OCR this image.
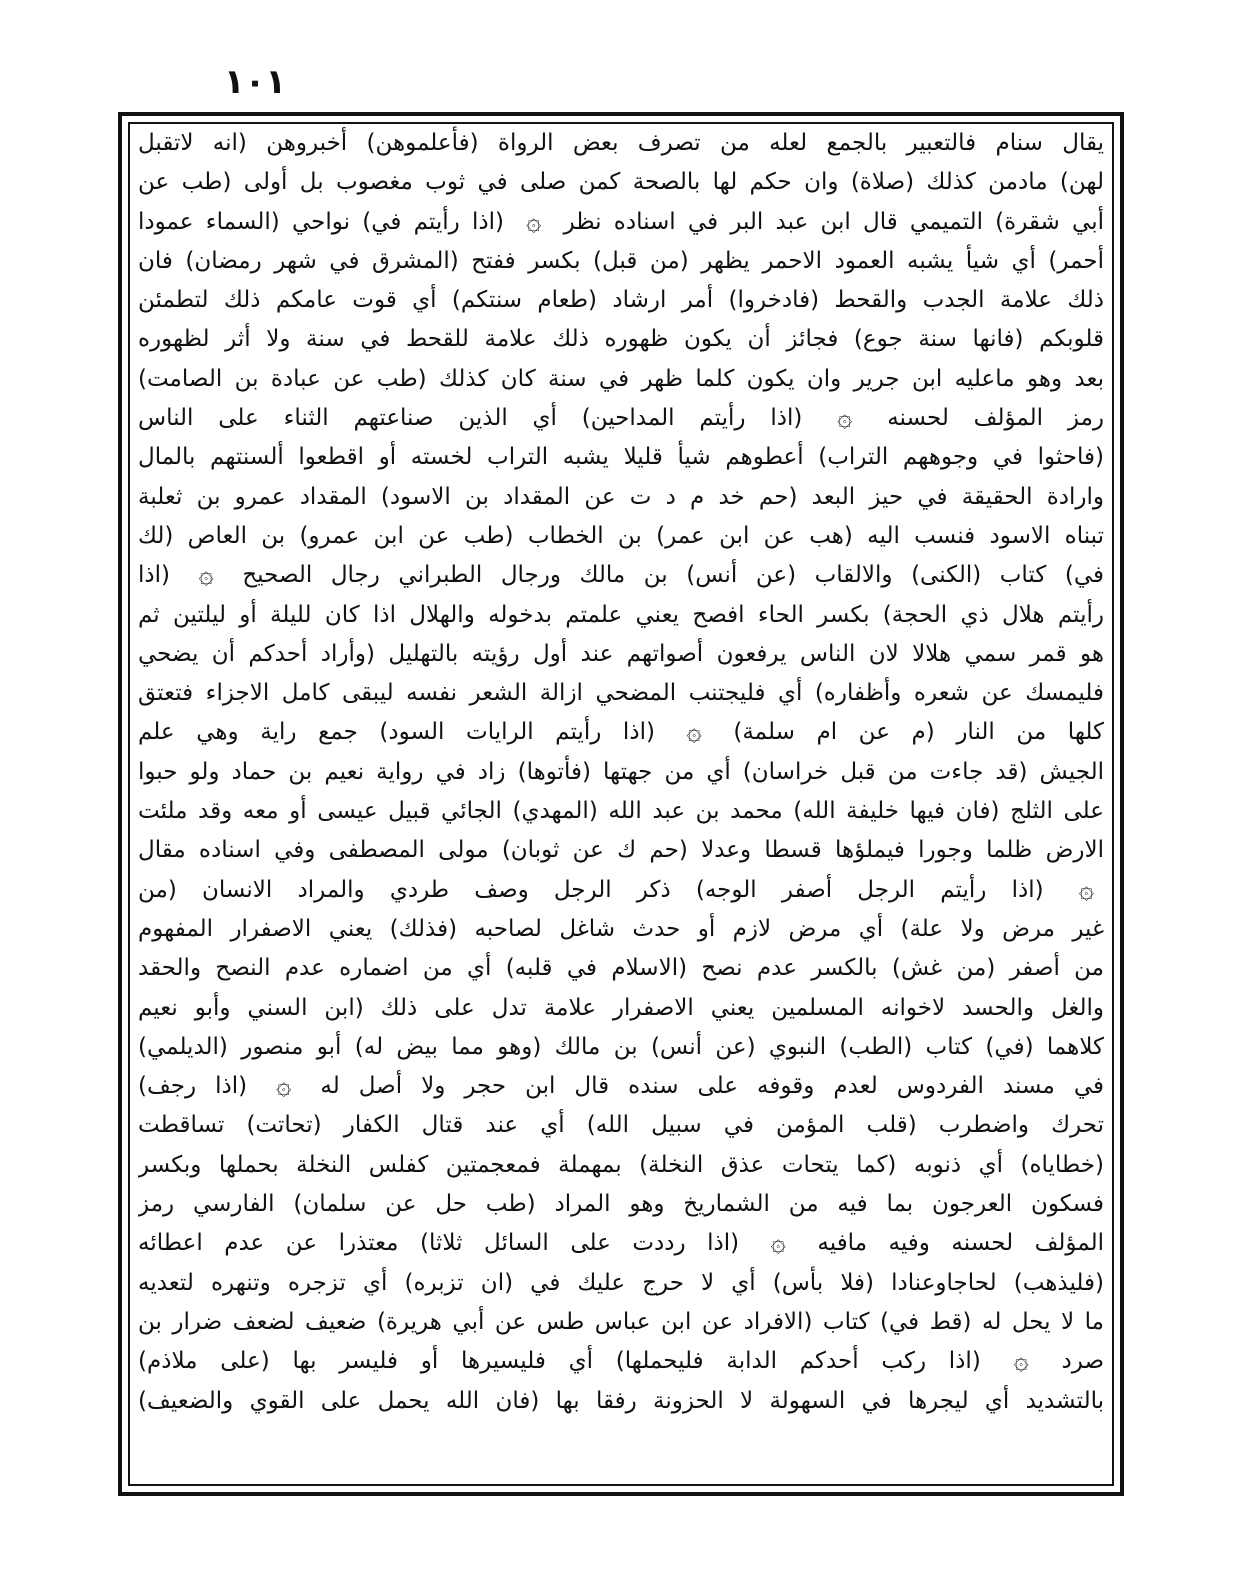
١٠١
يقال سنام فالتعبير بالجمع لعله من تصرف بعض الرواة (فأعلموهن) أخبروهن (انه لاتقبل
لهن) مادمن كذلك (صلاة) وان حكم لها بالصحة كمن صلى في ثوب مغصوب بل أولى (طب عن
أبي شقرة) التميمي قال ابن عبد البر في اسناده نظر ۞ (اذا رأيتم في) نواحي (السماء عمودا
أحمر) أي شيأ يشبه العمود الاحمر يظهر (من قبل) بكسر ففتح (المشرق في شهر رمضان) فان
ذلك علامة الجدب والقحط (فادخروا) أمر ارشاد (طعام سنتكم) أي قوت عامكم ذلك لتطمئن
قلوبكم (فانها سنة جوع) فجائز أن يكون ظهوره ذلك علامة للقحط في سنة ولا أثر لظهوره
بعد وهو ماعليه ابن جرير وان يكون كلما ظهر في سنة كان كذلك (طب عن عبادة بن الصامت)
رمز المؤلف لحسنه ۞ (اذا رأيتم المداحين) أي الذين صناعتهم الثناء على الناس
(فاحثوا في وجوههم التراب) أعطوهم شيأ قليلا يشبه التراب لخسته أو اقطعوا ألسنتهم بالمال
وارادة الحقيقة في حيز البعد (حم خد م د ت عن المقداد بن الاسود) المقداد عمرو بن ثعلبة
تبناه الاسود فنسب اليه (هب عن ابن عمر) بن الخطاب (طب عن ابن عمرو) بن العاص (لك
في) كتاب (الكنى) والالقاب (عن أنس) بن مالك ورجال الطبراني رجال الصحيح ۞ (اذا
رأيتم هلال ذي الحجة) بكسر الحاء افصح يعني علمتم بدخوله والهلال اذا كان لليلة أو ليلتين ثم
هو قمر سمي هلالا لان الناس يرفعون أصواتهم عند أول رؤيته بالتهليل (وأراد أحدكم أن يضحي
فليمسك عن شعره وأظفاره) أي فليجتنب المضحي ازالة الشعر نفسه ليبقى كامل الاجزاء فتعتق
كلها من النار (م عن ام سلمة) ۞ (اذا رأيتم الرايات السود) جمع راية وهي علم
الجيش (قد جاءت من قبل خراسان) أي من جهتها (فأتوها) زاد في رواية نعيم بن حماد ولو حبوا
على الثلج (فان فيها خليفة الله) محمد بن عبد الله (المهدي) الجائي قبيل عيسى أو معه وقد ملئت
الارض ظلما وجورا فيملؤها قسطا وعدلا (حم ك عن ثوبان) مولى المصطفى وفي اسناده مقال
۞ (اذا رأيتم الرجل أصفر الوجه) ذكر الرجل وصف طردي والمراد الانسان (من
غير مرض ولا علة) أي مرض لازم أو حدث شاغل لصاحبه (فذلك) يعني الاصفرار المفهوم
من أصفر (من غش) بالكسر عدم نصح (الاسلام في قلبه) أي من اضماره عدم النصح والحقد
والغل والحسد لاخوانه المسلمين يعني الاصفرار علامة تدل على ذلك (ابن السني وأبو نعيم
كلاهما (في) كتاب (الطب) النبوي (عن أنس) بن مالك (وهو مما بيض له) أبو منصور (الديلمي)
في مسند الفردوس لعدم وقوفه على سنده قال ابن حجر ولا أصل له ۞ (اذا رجف)
تحرك واضطرب (قلب المؤمن في سبيل الله) أي عند قتال الكفار (تحاتت) تساقطت
(خطاياه) أي ذنوبه (كما يتحات عذق النخلة) بمهملة فمعجمتين كفلس النخلة بحملها وبكسر
فسكون العرجون بما فيه من الشماريخ وهو المراد (طب حل عن سلمان) الفارسي رمز
المؤلف لحسنه وفيه مافيه ۞ (اذا رددت على السائل ثلاثا) معتذرا عن عدم اعطائه
(فليذهب) لحاجاوعنادا (فلا بأس) أي لا حرج عليك في (ان تزبره) أي تزجره وتنهره لتعديه
ما لا يحل له (قط في) كتاب (الافراد عن ابن عباس طس عن أبي هريرة) ضعيف لضعف ضرار بن
صرد ۞ (اذا ركب أحدكم الدابة فليحملها) أي فليسيرها أو فليسر بها (على ملاذم)
بالتشديد أي ليجرها في السهولة لا الحزونة رفقا بها (فان الله يحمل على القوي والضعيف)
